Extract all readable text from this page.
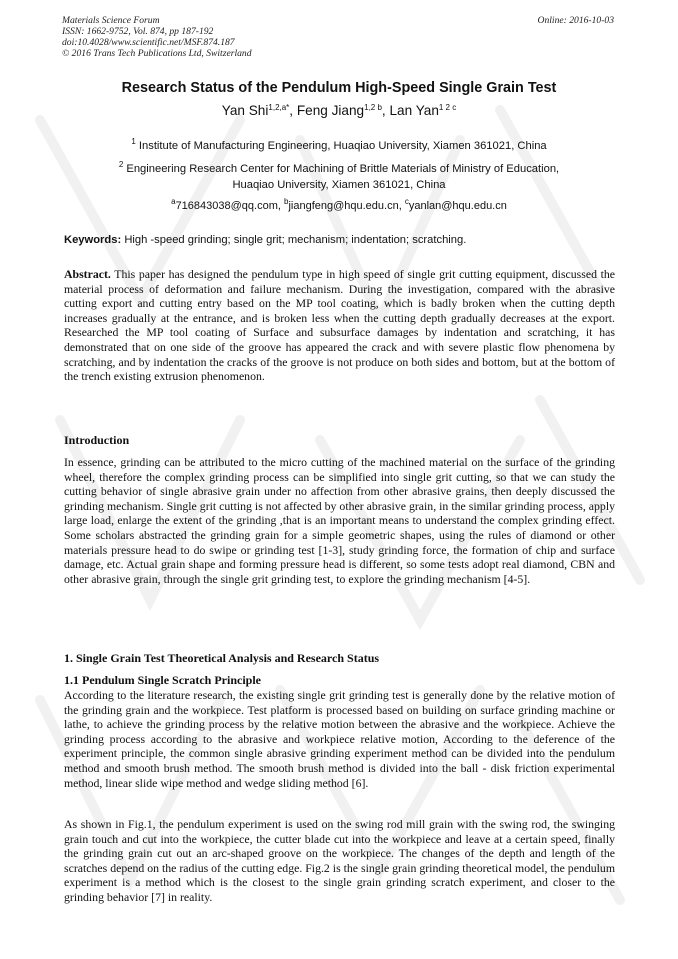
Materials Science Forum
ISSN: 1662-9752, Vol. 874, pp 187-192
doi:10.4028/www.scientific.net/MSF.874.187
© 2016 Trans Tech Publications Ltd, Switzerland
Online: 2016-10-03
Research Status of the Pendulum High-Speed Single Grain Test
Yan Shi$^{1,2,a*}$, Feng Jiang$^{1,2 b}$, Lan Yan$^{1 2 c}$
$^1$ Institute of Manufacturing Engineering, Huaqiao University, Xiamen 361021, China
$^2$ Engineering Research Center for Machining of Brittle Materials of Ministry of Education,
Huaqiao University, Xiamen 361021, China
$^a$716843038@qq.com, $^b$jiangfeng@hqu.edu.cn, $^c$yanlan@hqu.edu.cn
Keywords: High -speed grinding; single grit; mechanism; indentation; scratching.

Abstract. This paper has designed the pendulum type in high speed of single grit cutting equipment, discussed the material process of deformation and failure mechanism. During the investigation, compared with the abrasive cutting export and cutting entry based on the MP tool coating, which is badly broken when the cutting depth increases gradually at the entrance, and is broken less when the cutting depth gradually decreases at the export. Researched the MP tool coating of Surface and subsurface damages by indentation and scratching, it has demonstrated that on one side of the groove has appeared the crack and with severe plastic flow phenomena by scratching, and by indentation the cracks of the groove is not produce on both sides and bottom, but at the bottom of the trench existing extrusion phenomenon.

Introduction

In essence, grinding can be attributed to the micro cutting of the machined material on the surface of the grinding wheel, therefore the complex grinding process can be simplified into single grit cutting, so that we can study the cutting behavior of single abrasive grain under no affection from other abrasive grains, then deeply discussed the grinding mechanism. Single grit cutting is not affected by other abrasive grain, in the similar grinding process, apply large load, enlarge the extent of the grinding ,that is an important means to understand the complex grinding effect. Some scholars abstracted the grinding grain for a simple geometric shapes, using the rules of diamond or other materials pressure head to do swipe or grinding test [1-3], study grinding force, the formation of chip and surface damage, etc. Actual grain shape and forming pressure head is different, so some tests adopt real diamond, CBN and other abrasive grain, through the single grit grinding test, to explore the grinding mechanism [4-5].

1. Single Grain Test Theoretical Analysis and Research Status
1.1 Pendulum Single Scratch Principle

According to the literature research, the existing single grit grinding test is generally done by the relative motion of the grinding grain and the workpiece. Test platform is processed based on building on surface grinding machine or lathe, to achieve the grinding process by the relative motion between the abrasive and the workpiece. Achieve the grinding process according to the abrasive and workpiece relative motion, According to the deference of the experiment principle, the common single abrasive grinding experiment method can be divided into the pendulum method and smooth brush method. The smooth brush method is divided into the ball - disk friction experimental method, linear slide wipe method and wedge sliding method [6].

As shown in Fig.1, the pendulum experiment is used on the swing rod mill grain with the swing rod, the swinging grain touch and cut into the workpiece, the cutter blade cut into the workpiece and leave at a certain speed, finally the grinding grain cut out an arc-shaped groove on the workpiece. The changes of the depth and length of the scratches depend on the radius of the cutting edge. Fig.2 is the single grain grinding theoretical model, the pendulum experiment is a method which is the closest to the single grain grinding scratch experiment, and closer to the grinding behavior [7] in reality.
